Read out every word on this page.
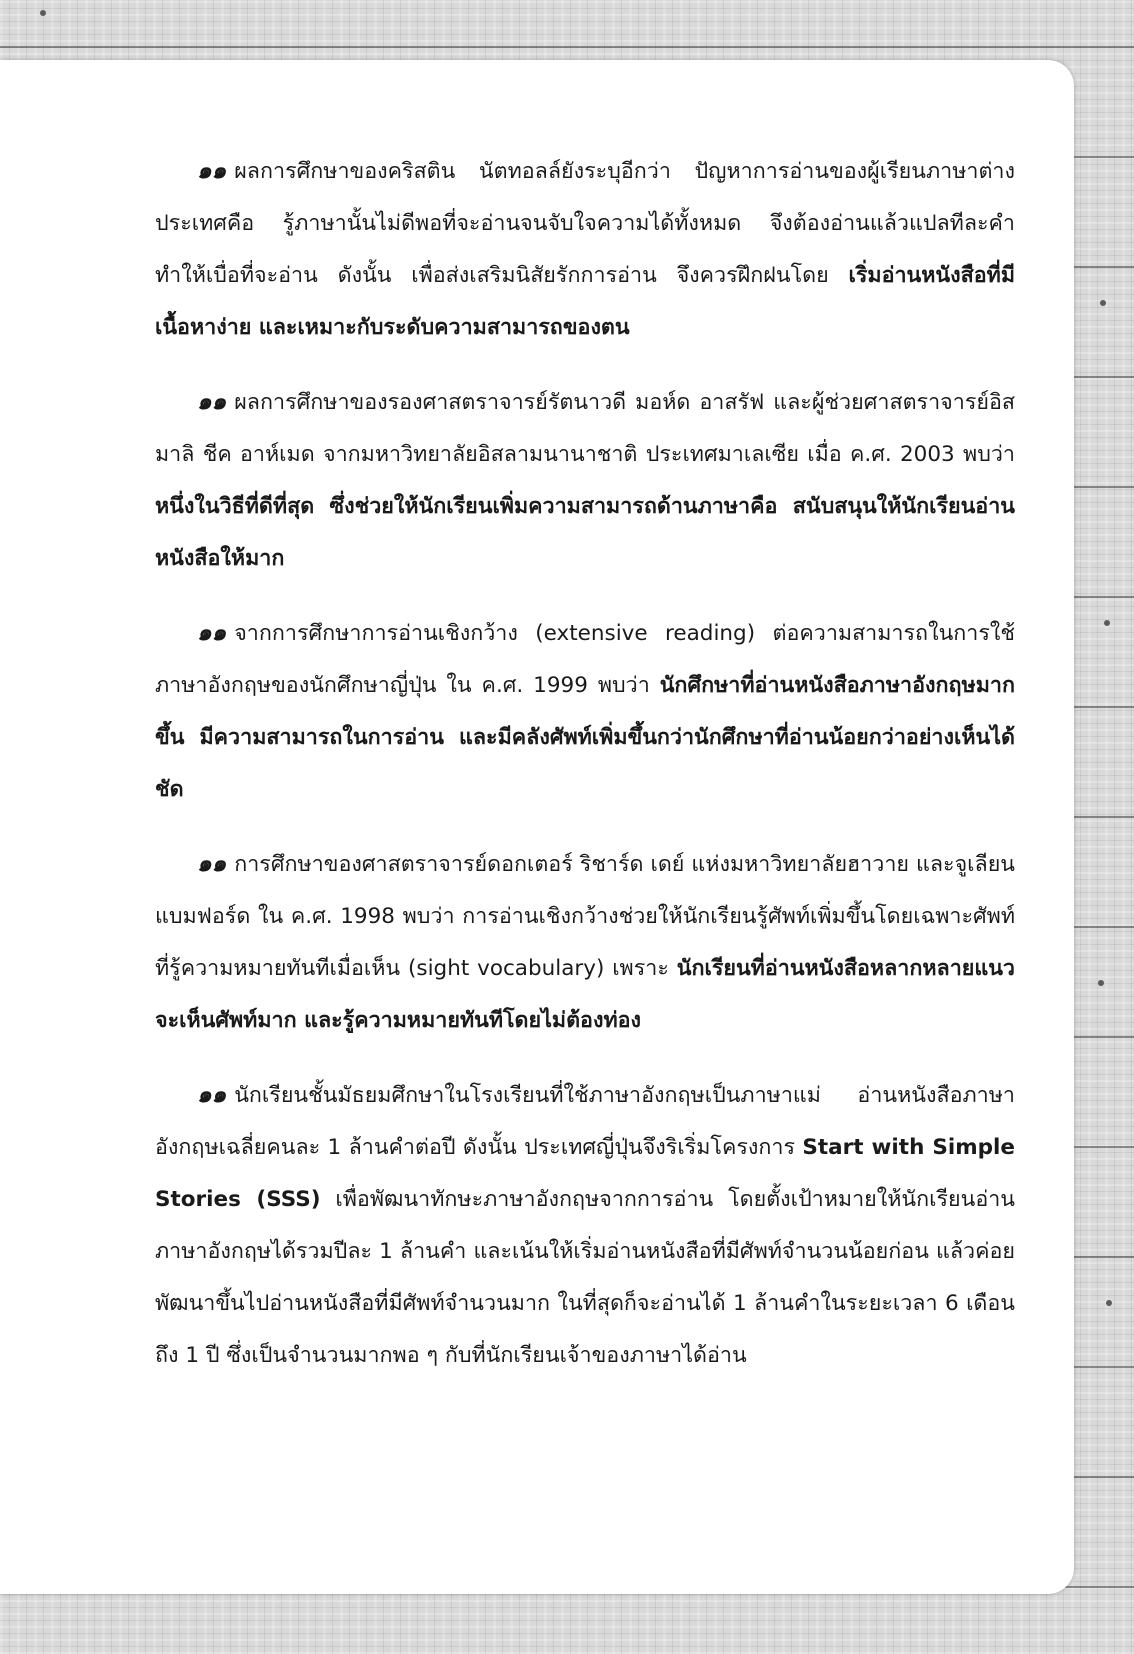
๑๑ ผลการศึกษาของคริสติน นัตทอลล์ยังระบุอีกว่า ปัญหาการอ่านของผู้เรียนภาษาต่างประเทศคือ รู้ภาษานั้นไม่ดีพอที่จะอ่านจนจับใจความได้ทั้งหมด จึงต้องอ่านแล้วแปลทีละคำ ทำให้เบื่อที่จะอ่าน ดังนั้น เพื่อส่งเสริมนิสัยรักการอ่าน จึงควรฝึกฝนโดย เริ่มอ่านหนังสือที่มีเนื้อหาง่าย และเหมาะกับระดับความสามารถของตน

๑๑ ผลการศึกษาของรองศาสตราจารย์รัตนาวดี มอห์ด อาสรัฟ และผู้ช่วยศาสตราจารย์อิสมาลิ ชีค อาห์เมด จากมหาวิทยาลัยอิสลามนานาชาติ ประเทศมาเลเซีย เมื่อ ค.ศ. 2003 พบว่า หนึ่งในวิธีที่ดีที่สุด ซึ่งช่วยให้นักเรียนเพิ่มความสามารถด้านภาษาคือ สนับสนุนให้นักเรียนอ่านหนังสือให้มาก

๑๑ จากการศึกษาการอ่านเชิงกว้าง (extensive reading) ต่อความสามารถในการใช้ภาษาอังกฤษของนักศึกษาญี่ปุ่น ใน ค.ศ. 1999 พบว่า นักศึกษาที่อ่านหนังสือภาษาอังกฤษมากขึ้น มีความสามารถในการอ่าน และมีคลังศัพท์เพิ่มขึ้นกว่านักศึกษาที่อ่านน้อยกว่าอย่างเห็นได้ชัด

๑๑ การศึกษาของศาสตราจารย์ดอกเตอร์ ริชาร์ด เดย์ แห่งมหาวิทยาลัยฮาวาย และจูเลียน แบมฟอร์ด ใน ค.ศ. 1998 พบว่า การอ่านเชิงกว้างช่วยให้นักเรียนรู้ศัพท์เพิ่มขึ้นโดยเฉพาะศัพท์ที่รู้ความหมายทันทีเมื่อเห็น (sight vocabulary) เพราะ นักเรียนที่อ่านหนังสือหลากหลายแนวจะเห็นศัพท์มาก และรู้ความหมายทันทีโดยไม่ต้องท่อง

๑๑ นักเรียนชั้นมัธยมศึกษาในโรงเรียนที่ใช้ภาษาอังกฤษเป็นภาษาแม่ อ่านหนังสือภาษาอังกฤษเฉลี่ยคนละ 1 ล้านคำต่อปี ดังนั้น ประเทศญี่ปุ่นจึงริเริ่มโครงการ Start with Simple Stories (SSS) เพื่อพัฒนาทักษะภาษาอังกฤษจากการอ่าน โดยตั้งเป้าหมายให้นักเรียนอ่านภาษาอังกฤษได้รวมปีละ 1 ล้านคำ และเน้นให้เริ่มอ่านหนังสือที่มีศัพท์จำนวนน้อยก่อน แล้วค่อยพัฒนาขึ้นไปอ่านหนังสือที่มีศัพท์จำนวนมาก ในที่สุดก็จะอ่านได้ 1 ล้านคำในระยะเวลา 6 เดือน ถึง 1 ปี ซึ่งเป็นจำนวนมากพอ ๆ กับที่นักเรียนเจ้าของภาษาได้อ่าน
